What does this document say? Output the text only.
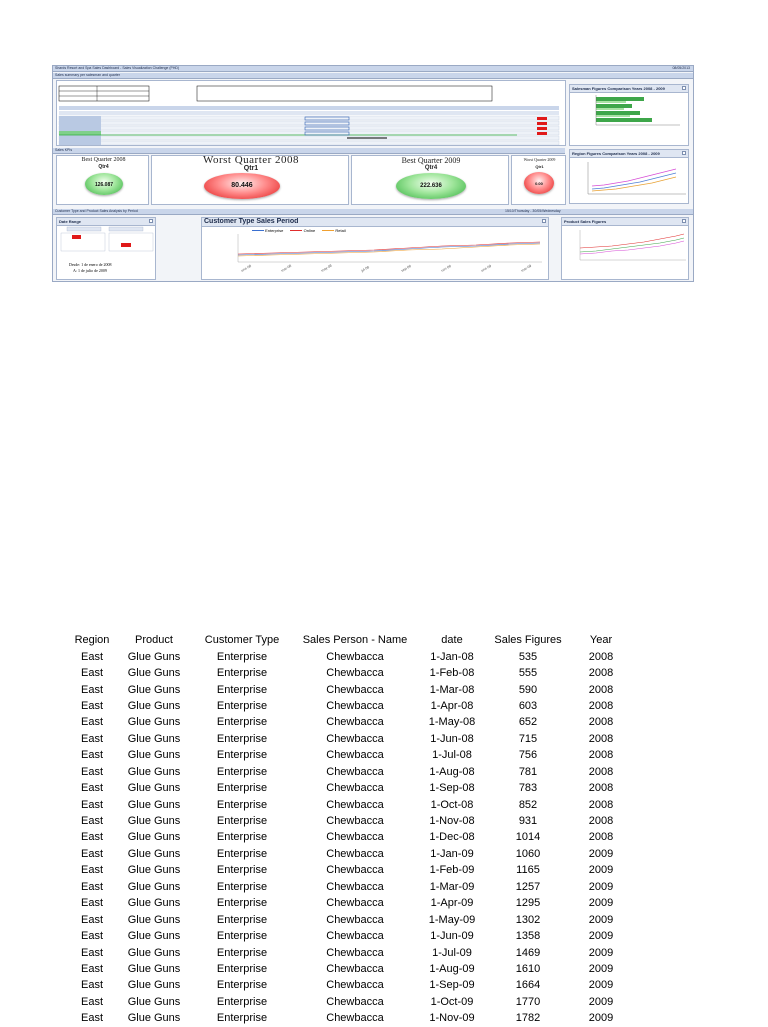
Shards Resort and Spa Sales Dashboard - Sales Visualization Challenge (PHD)	08/05/2013
Sales summary per salesman and quarter
Salesman Figures Comparison Years 2008 - 2009
Sales KPIs
Best Quarter 2008
Qtr4
126.087
Worst Quarter 2008
Qtr1
80.446
Best Quarter 2009
Qtr4
222.636
Worst Quarter 2009
Qtr1
0.00
Region Figures Comparison Years 2008 - 2009
Customer Type and Product Sales Analysis by Period	15/10/Thursday - 30/05/Wednesday
Date Range
Desde: 1 de enero de 2008
A: 1 de julio de 2009
Customer Type Sales Period
Enterprise	Online	Retail
ene-08	mar-08	may-08	jul-08	sep-08	nov-08	ene-09	mar-09
Product Sales Figures
Region	Product	Customer Type	Sales Person - Name	date	Sales Figures	Year
East	Glue Guns	Enterprise	Chewbacca	1-Jan-08	535	2008
East	Glue Guns	Enterprise	Chewbacca	1-Feb-08	555	2008
East	Glue Guns	Enterprise	Chewbacca	1-Mar-08	590	2008
East	Glue Guns	Enterprise	Chewbacca	1-Apr-08	603	2008
East	Glue Guns	Enterprise	Chewbacca	1-May-08	652	2008
East	Glue Guns	Enterprise	Chewbacca	1-Jun-08	715	2008
East	Glue Guns	Enterprise	Chewbacca	1-Jul-08	756	2008
East	Glue Guns	Enterprise	Chewbacca	1-Aug-08	781	2008
East	Glue Guns	Enterprise	Chewbacca	1-Sep-08	783	2008
East	Glue Guns	Enterprise	Chewbacca	1-Oct-08	852	2008
East	Glue Guns	Enterprise	Chewbacca	1-Nov-08	931	2008
East	Glue Guns	Enterprise	Chewbacca	1-Dec-08	1014	2008
East	Glue Guns	Enterprise	Chewbacca	1-Jan-09	1060	2009
East	Glue Guns	Enterprise	Chewbacca	1-Feb-09	1165	2009
East	Glue Guns	Enterprise	Chewbacca	1-Mar-09	1257	2009
East	Glue Guns	Enterprise	Chewbacca	1-Apr-09	1295	2009
East	Glue Guns	Enterprise	Chewbacca	1-May-09	1302	2009
East	Glue Guns	Enterprise	Chewbacca	1-Jun-09	1358	2009
East	Glue Guns	Enterprise	Chewbacca	1-Jul-09	1469	2009
East	Glue Guns	Enterprise	Chewbacca	1-Aug-09	1610	2009
East	Glue Guns	Enterprise	Chewbacca	1-Sep-09	1664	2009
East	Glue Guns	Enterprise	Chewbacca	1-Oct-09	1770	2009
East	Glue Guns	Enterprise	Chewbacca	1-Nov-09	1782	2009
